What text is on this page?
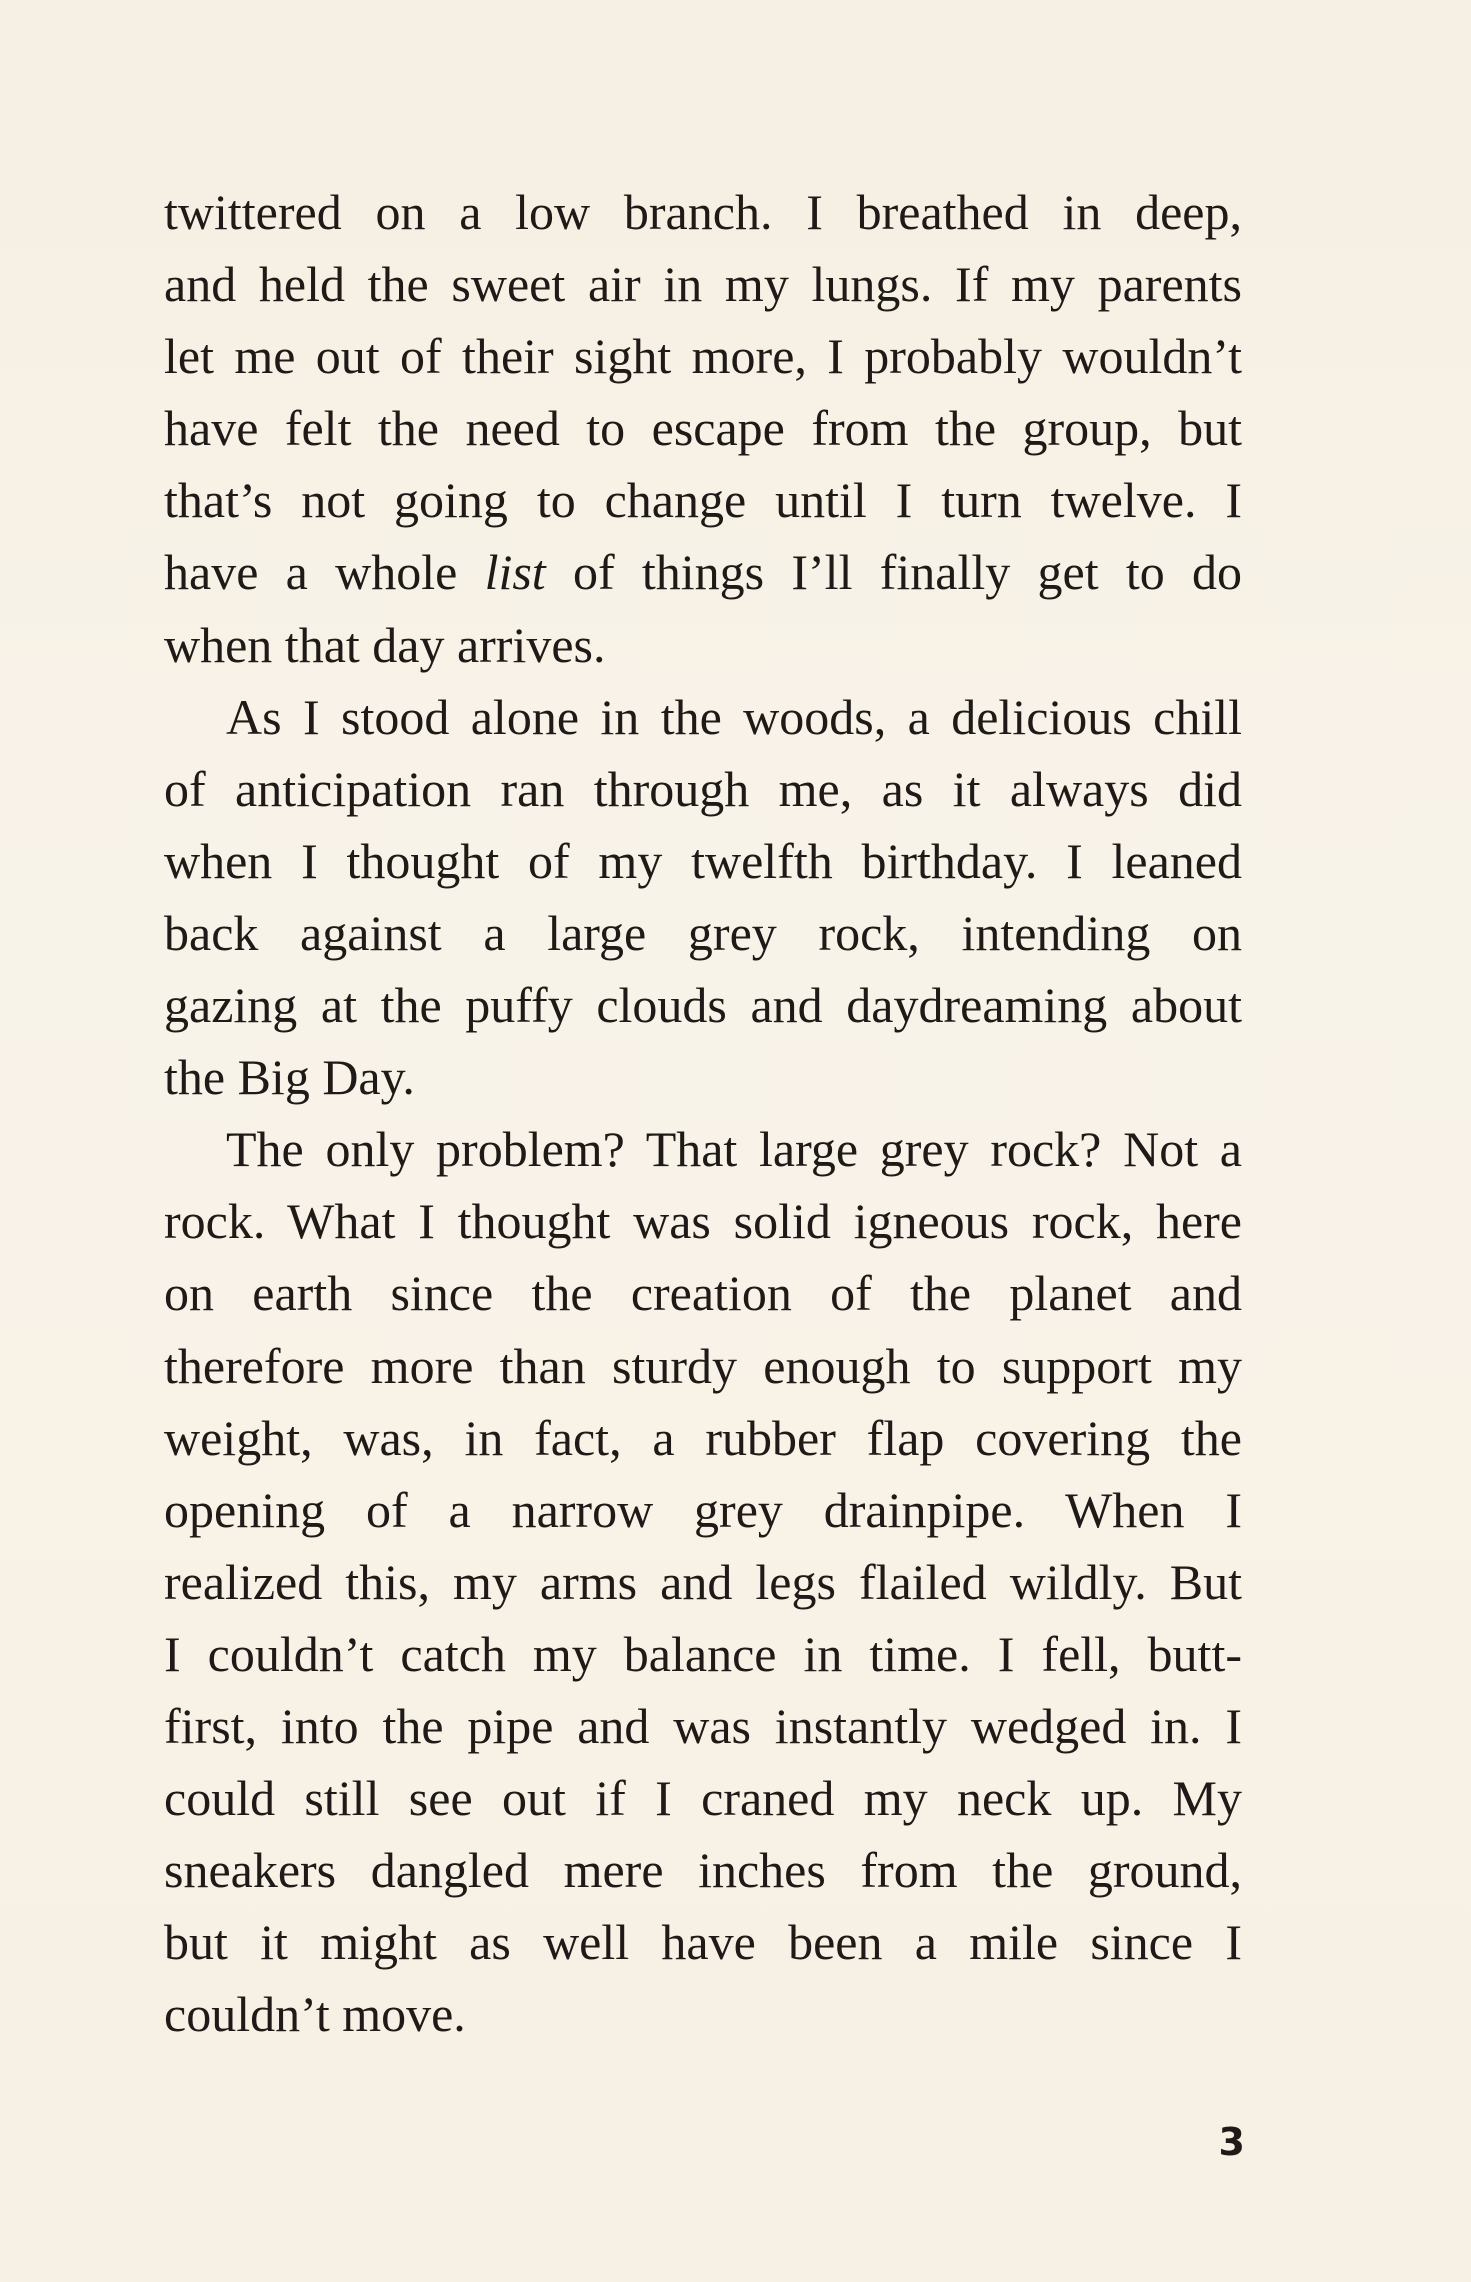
twittered on a low branch. I breathed in deep,
and held the sweet air in my lungs. If my parents
let me out of their sight more, I probably wouldn’t
have felt the need to escape from the group, but
that’s not going to change until I turn twelve. I
have a whole list of things I’ll finally get to do
when that day arrives.

As I stood alone in the woods, a delicious chill
of anticipation ran through me, as it always did
when I thought of my twelfth birthday. I leaned
back against a large grey rock, intending on
gazing at the puffy clouds and daydreaming about
the Big Day.

The only problem? That large grey rock? Not a
rock. What I thought was solid igneous rock, here
on earth since the creation of the planet and
therefore more than sturdy enough to support my
weight, was, in fact, a rubber flap covering the
opening of a narrow grey drainpipe. When I
realized this, my arms and legs flailed wildly. But
I couldn’t catch my balance in time. I fell, butt-
first, into the pipe and was instantly wedged in. I
could still see out if I craned my neck up. My
sneakers dangled mere inches from the ground,
but it might as well have been a mile since I
couldn’t move.

3
